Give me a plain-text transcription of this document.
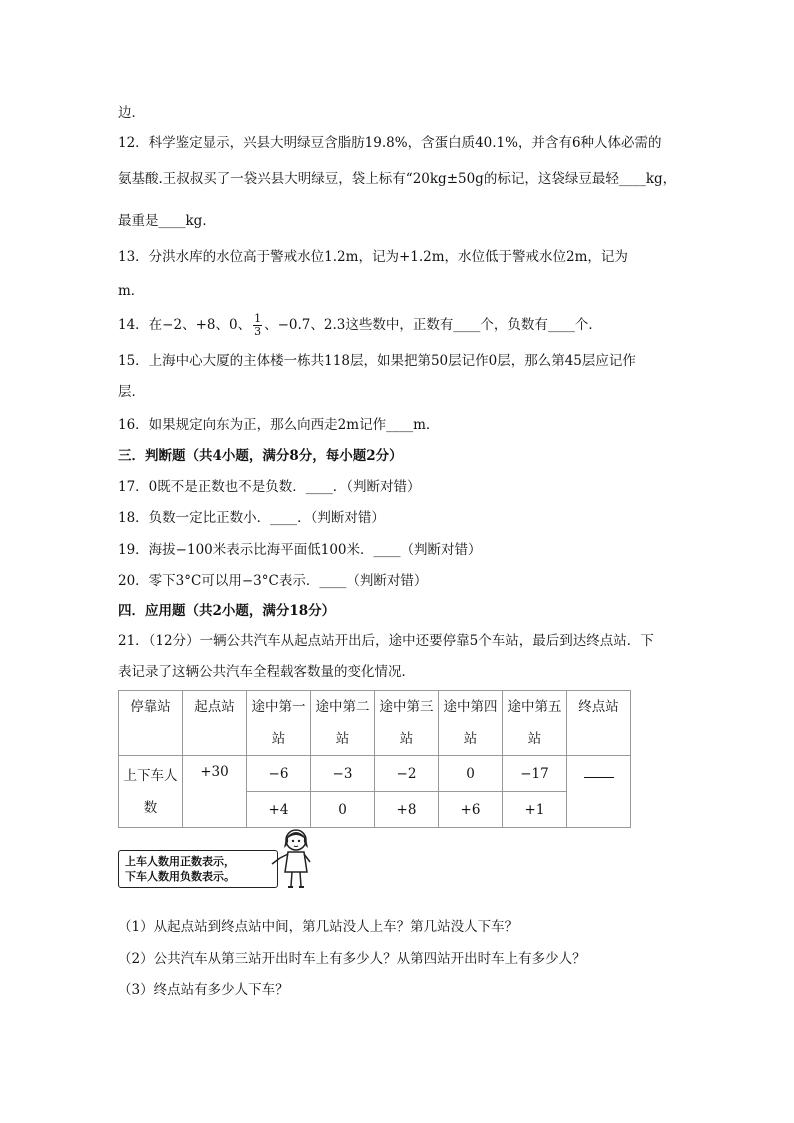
边．
12．科学鉴定显示，兴县大明绿豆含脂肪19.8%，含蛋白质40.1%，并含有6种人体必需的
氨基酸.王叔叔买了一袋兴县大明绿豆，袋上标有“20kg±50g的标记，这袋绿豆最轻____kg，
最重是____kg．
13．分洪水库的水位高于警戒水位1.2m，记为+1.2m，水位低于警戒水位2m，记为
m．
14．在−2、+8、0、 $\frac{1}{3}$ 、−0.7、2.3这些数中，正数有____个，负数有____个．
15．上海中心大厦的主体楼一栋共118层，如果把第50层记作0层，那么第45层应记作
层．
16．如果规定向东为正，那么向西走2m记作____m．
三．判断题（共4小题，满分8分，每小题2分）
17．0既不是正数也不是负数．____．（判断对错）
18．负数一定比正数小．____．（判断对错）
19．海拔−100米表示比海平面低100米．____（判断对错）
20．零下3°C可以用−3°C表示．____（判断对错）
四．应用题（共2小题，满分18分）
21．（12分）一辆公共汽车从起点站开出后，途中还要停靠5个车站，最后到达终点站．下
表记录了这辆公共汽车全程载客数量的变化情况．
停靠站	起点站	途中第一站	途中第二站	途中第三站	途中第四站	途中第五站	终点站
上下车人数	+30	−6	−3	−2	0	−17	
		+4	0	+8	+6	+1	
上车人数用正数表示，
下车人数用负数表示。
（1）从起点站到终点站中间，第几站没人上车？第几站没人下车？
（2）公共汽车从第三站开出时车上有多少人？从第四站开出时车上有多少人？
（3）终点站有多少人下车？
